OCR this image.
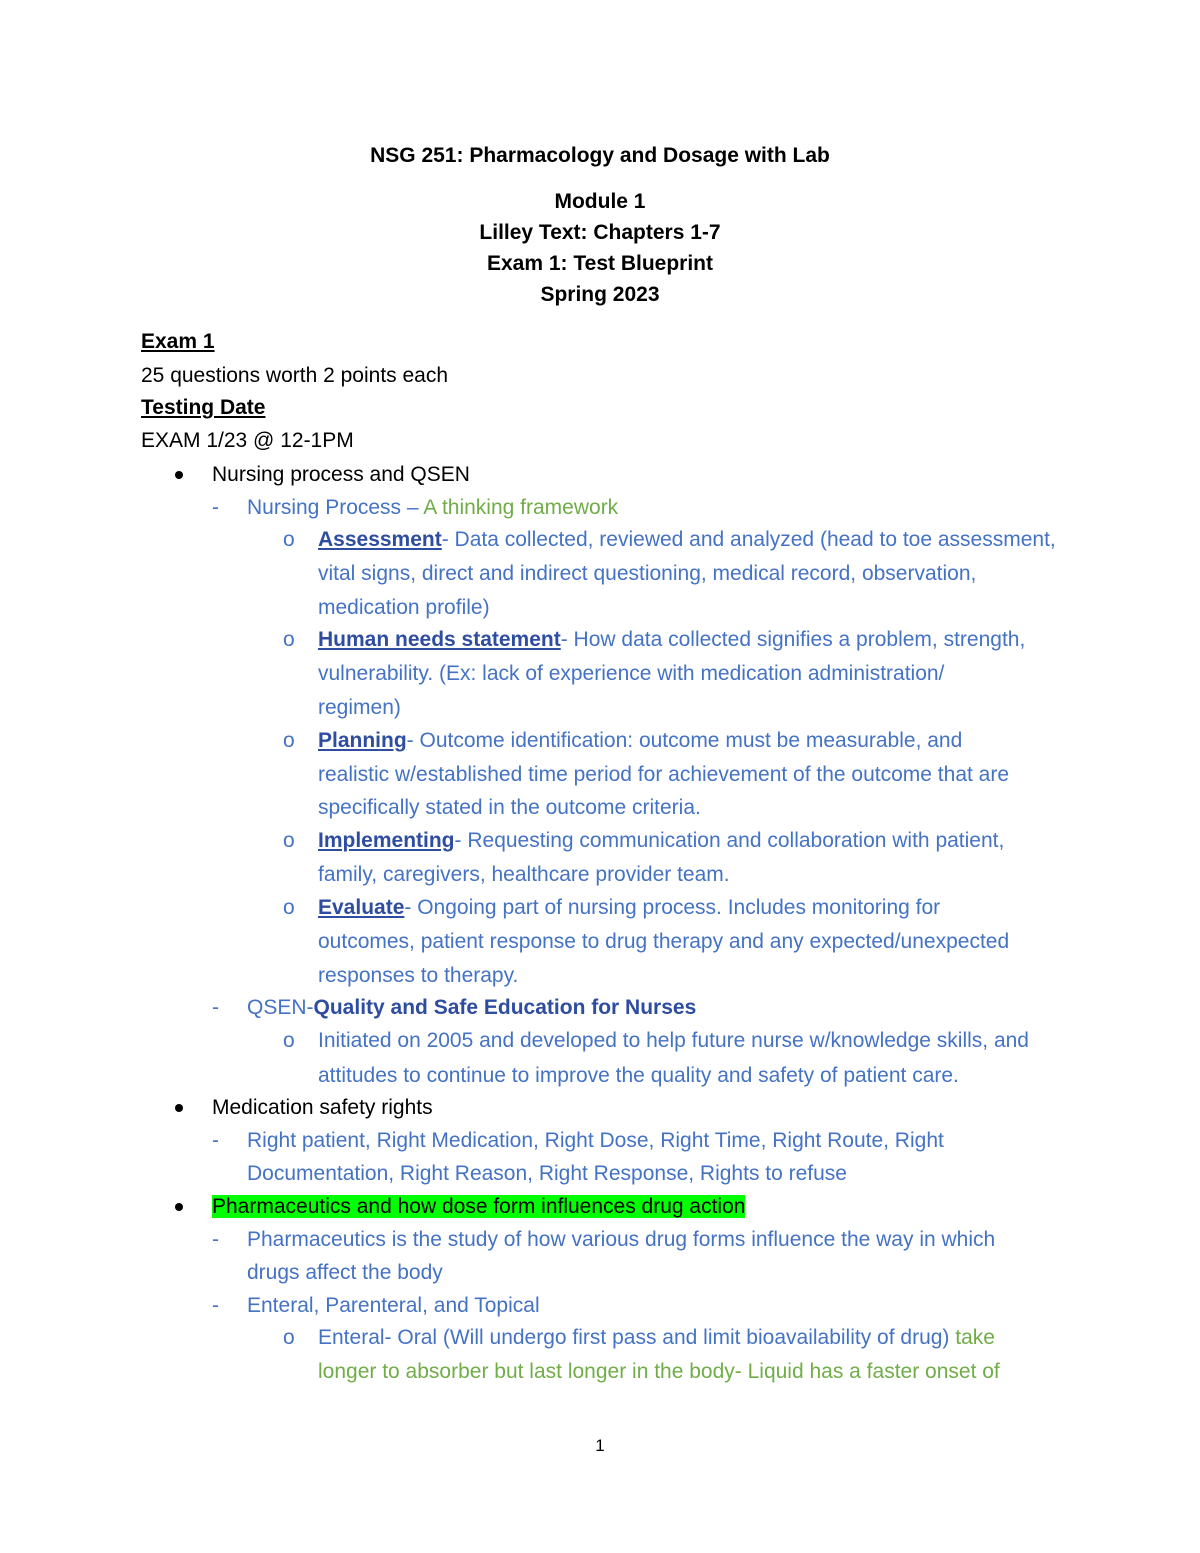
NSG 251: Pharmacology and Dosage with Lab
Module 1
Lilley Text: Chapters 1-7
Exam 1: Test Blueprint
Spring 2023
Exam 1
25 questions worth 2 points each
Testing Date
EXAM 1/23 @ 12-1PM
Nursing process and QSEN
- Nursing Process – A thinking framework
o Assessment- Data collected, reviewed and analyzed (head to toe assessment,
vital signs, direct and indirect questioning, medical record, observation,
medication profile)
o Human needs statement- How data collected signifies a problem, strength,
vulnerability. (Ex: lack of experience with medication administration/
regimen)
o Planning- Outcome identification: outcome must be measurable, and
realistic w/established time period for achievement of the outcome that are
specifically stated in the outcome criteria.
o Implementing- Requesting communication and collaboration with patient,
family, caregivers, healthcare provider team.
o Evaluate- Ongoing part of nursing process. Includes monitoring for
outcomes, patient response to drug therapy and any expected/unexpected
responses to therapy.
- QSEN-Quality and Safe Education for Nurses
o Initiated on 2005 and developed to help future nurse w/knowledge skills, and
attitudes to continue to improve the quality and safety of patient care.
Medication safety rights
- Right patient, Right Medication, Right Dose, Right Time, Right Route, Right
Documentation, Right Reason, Right Response, Rights to refuse
Pharmaceutics and how dose form influences drug action
- Pharmaceutics is the study of how various drug forms influence the way in which
drugs affect the body
- Enteral, Parenteral, and Topical
o Enteral- Oral (Will undergo first pass and limit bioavailability of drug) take
longer to absorber but last longer in the body- Liquid has a faster onset of
1
